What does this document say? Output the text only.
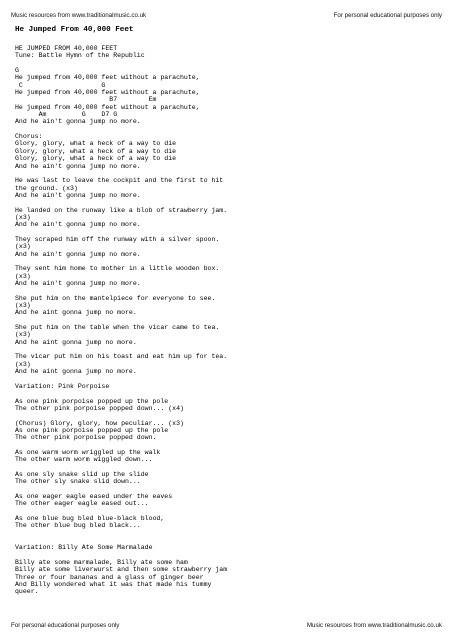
Music resources from www.traditionalmusic.co.uk	For personal educational purposes only
He Jumped From 40,000 Feet
HE JUMPED FROM 40,000 FEET
Tune: Battle Hymn of the Republic
G
He jumped from 40,000 feet without a parachute,
C                    G
He jumped from 40,000 feet without a parachute,
B7        Em
He jumped from 40,000 feet without a parachute,
Am         G    D7 G
And he ain't gonna jump no more.
Chorus:
Glory, glory, what a heck of a way to die
Glory, glory, what a heck of a way to die
Glory, glory, what a heck of a way to die
And he ain't gonna jump no more.
He was last to leave the cockpit and the first to hit
the ground. (x3)
And he ain't gonna jump no more.
He landed on the runway like a blob of strawberry jam.
(x3)
And he ain't gonna jump no more.
They scraped him off the runway with a silver spoon.
(x3)
And he ain't gonna jump no more.
They sent him home to mother in a little wooden box.
(x3)
And he ain't gonna jump no more.
She put him on the mantelpiece for everyone to see.
(x3)
And he aint gonna jump no more.
She put him on the table when the vicar came to tea.
(x3)
And he aint gonna jump no more.
The vicar put him on his toast and eat him up for tea.
(x3)
And he aint gonna jump no more.
Variation: Pink Porpoise
As one pink porpoise popped up the pole
The other pink porpoise popped down... (x4)
(Chorus) Glory, glory, how peculiar... (x3)
As one pink porpoise popped up the pole
The other pink porpoise popped down.
As one warm worm wriggled up the walk
The other warm worm wiggled down...
As one sly snake slid up the slide
The other sly snake slid down...
As one eager eagle eased under the eaves
The other eager eagle eased out...
As one blue bug bled blue-black blood,
The other blue bug bled black...
Variation: Billy Ate Some Marmalade
Billy ate some marmalade, Billy ate some ham
Billy ate some liverwurst and then some strawberry jam
Three or four bananas and a glass of ginger beer
And Billy wondered what it was that made his tummy
queer.
For personal educational purposes only	Music resources from www.traditionalmusic.co.uk
